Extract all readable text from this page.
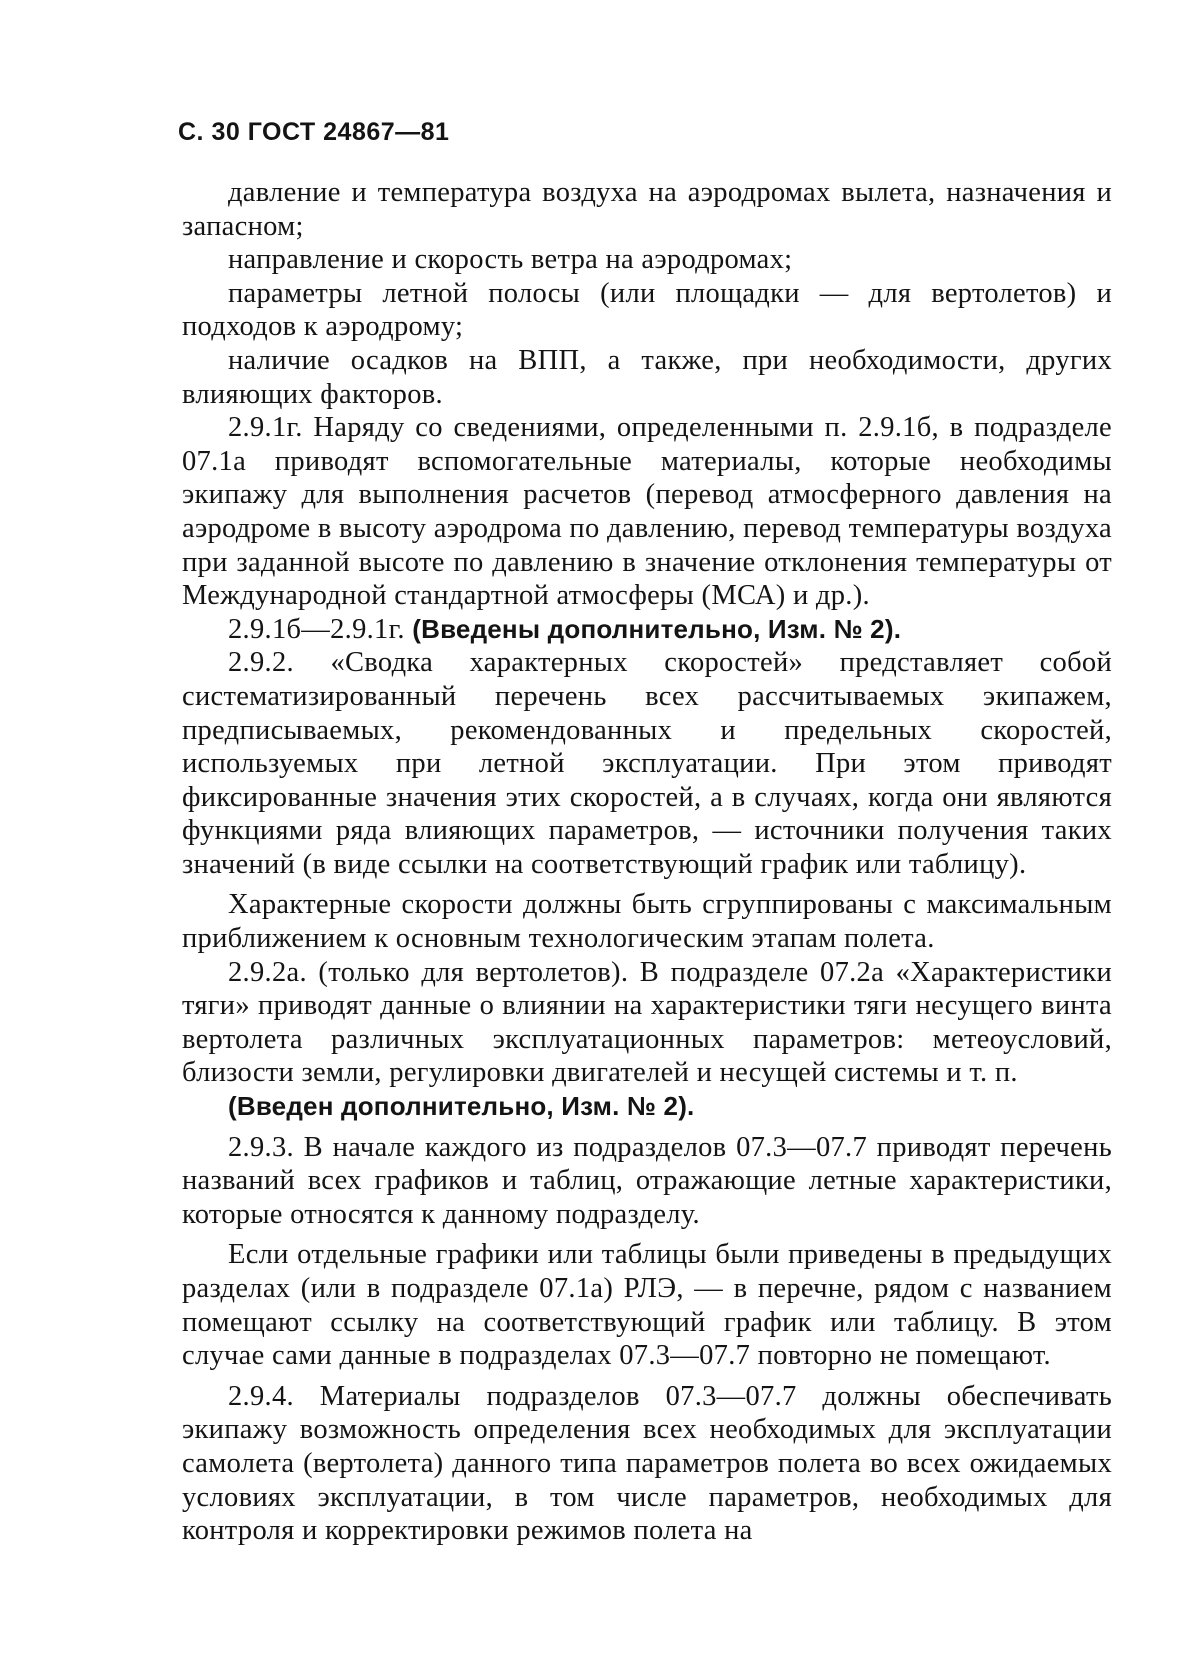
С. 30 ГОСТ 24867—81

давление и температура воздуха на аэродромах вылета, назначения и запасном;

направление и скорость ветра на аэродромах;

параметры летной полосы (или площадки — для вертолетов) и подходов к аэродрому;

наличие осадков на ВПП, а также, при необходимости, других влияющих факторов.

2.9.1г. Наряду со сведениями, определенными п. 2.9.1б, в подразделе 07.1а приводят вспомогательные материалы, которые необходимы экипажу для выполнения расчетов (перевод атмосферного давления на аэродроме в высоту аэродрома по давлению, перевод температуры воздуха при заданной высоте по давлению в значение отклонения температуры от Международной стандартной атмосферы (МСА) и др.).

2.9.1б—2.9.1г. (Введены дополнительно, Изм. № 2).

2.9.2. «Сводка характерных скоростей» представляет собой систематизированный перечень всех рассчитываемых экипажем, предписываемых, рекомендованных и предельных скоростей, используемых при летной эксплуатации. При этом приводят фиксированные значения этих скоростей, а в случаях, когда они являются функциями ряда влияющих параметров, — источники получения таких значений (в виде ссылки на соответствующий график или таблицу).

Характерные скорости должны быть сгруппированы с максимальным приближением к основным технологическим этапам полета.

2.9.2а. (только для вертолетов). В подразделе 07.2а «Характеристики тяги» приводят данные о влиянии на характеристики тяги несущего винта вертолета различных эксплуатационных параметров: метеоусловий, близости земли, регулировки двигателей и несущей системы и т. п.

(Введен дополнительно, Изм. № 2).

2.9.3. В начале каждого из подразделов 07.3—07.7 приводят перечень названий всех графиков и таблиц, отражающие летные характеристики, которые относятся к данному подразделу.

Если отдельные графики или таблицы были приведены в предыдущих разделах (или в подразделе 07.1а) РЛЭ, — в перечне, рядом с названием помещают ссылку на соответствующий график или таблицу. В этом случае сами данные в подразделах 07.3—07.7 повторно не помещают.

2.9.4. Материалы подразделов 07.3—07.7 должны обеспечивать экипажу возможность определения всех необходимых для эксплуатации самолета (вертолета) данного типа параметров полета во всех ожидаемых условиях эксплуатации, в том числе параметров, необходимых для контроля и корректировки режимов полета на
